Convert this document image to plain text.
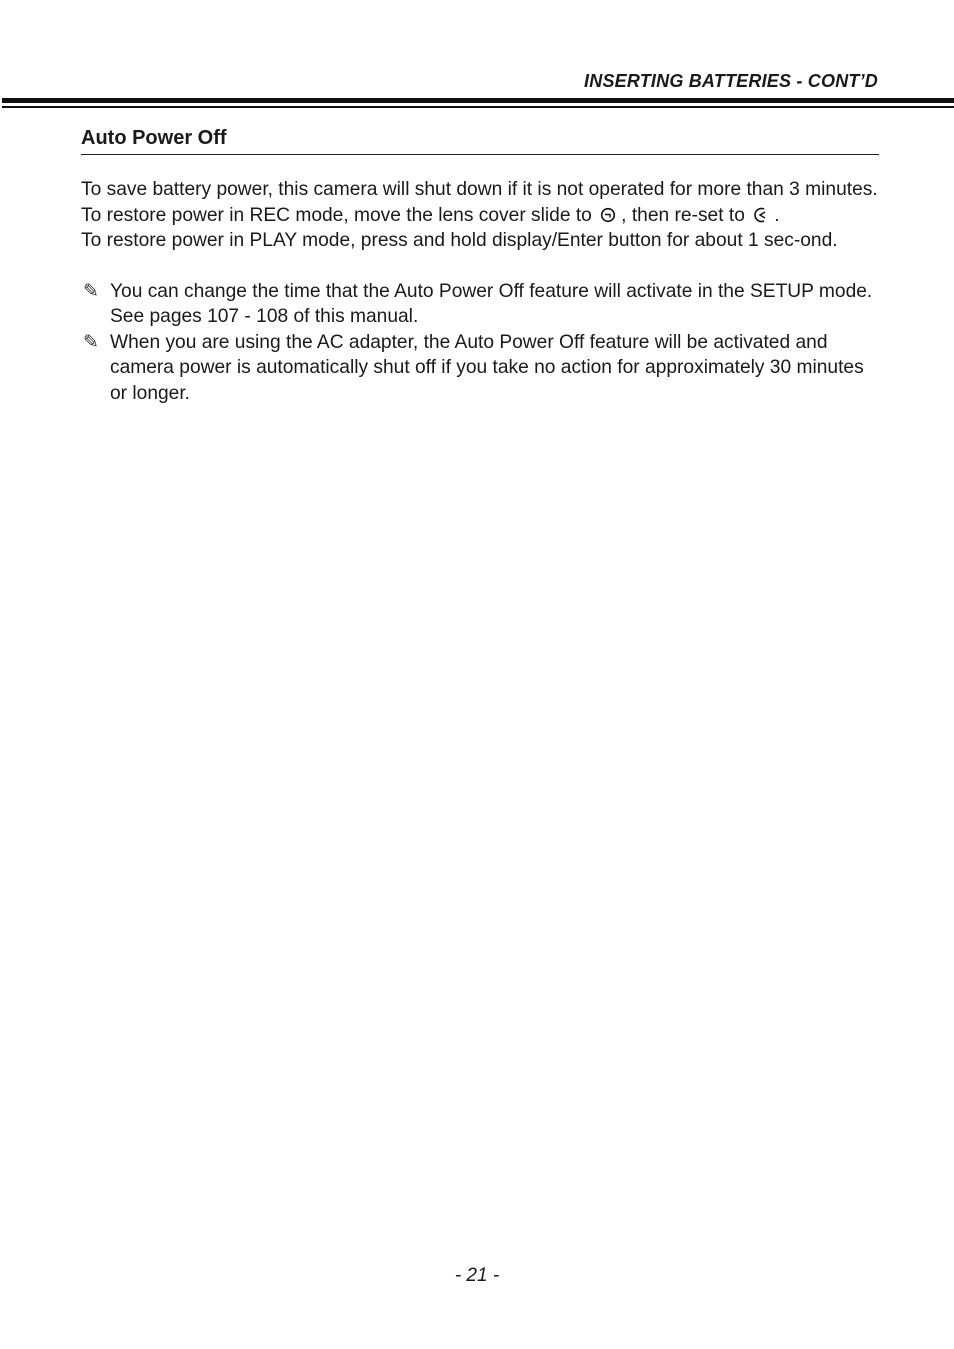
INSERTING BATTERIES - CONT’D
Auto Power Off

To save battery power, this camera will shut down if it is not operated for more than 3 minutes.

To restore power in REC mode, move the lens cover slide to , then re-set to .

To restore power in PLAY mode, press and hold display/Enter button for about 1 sec-ond.

✎ You can change the time that the Auto Power Off feature will activate in the SETUP mode. See pages 107 - 108 of this manual.

✎ When you are using the AC adapter, the Auto Power Off feature will be activated and camera power is automatically shut off if you take no action for approximately 30 minutes or longer.

- 21 -
